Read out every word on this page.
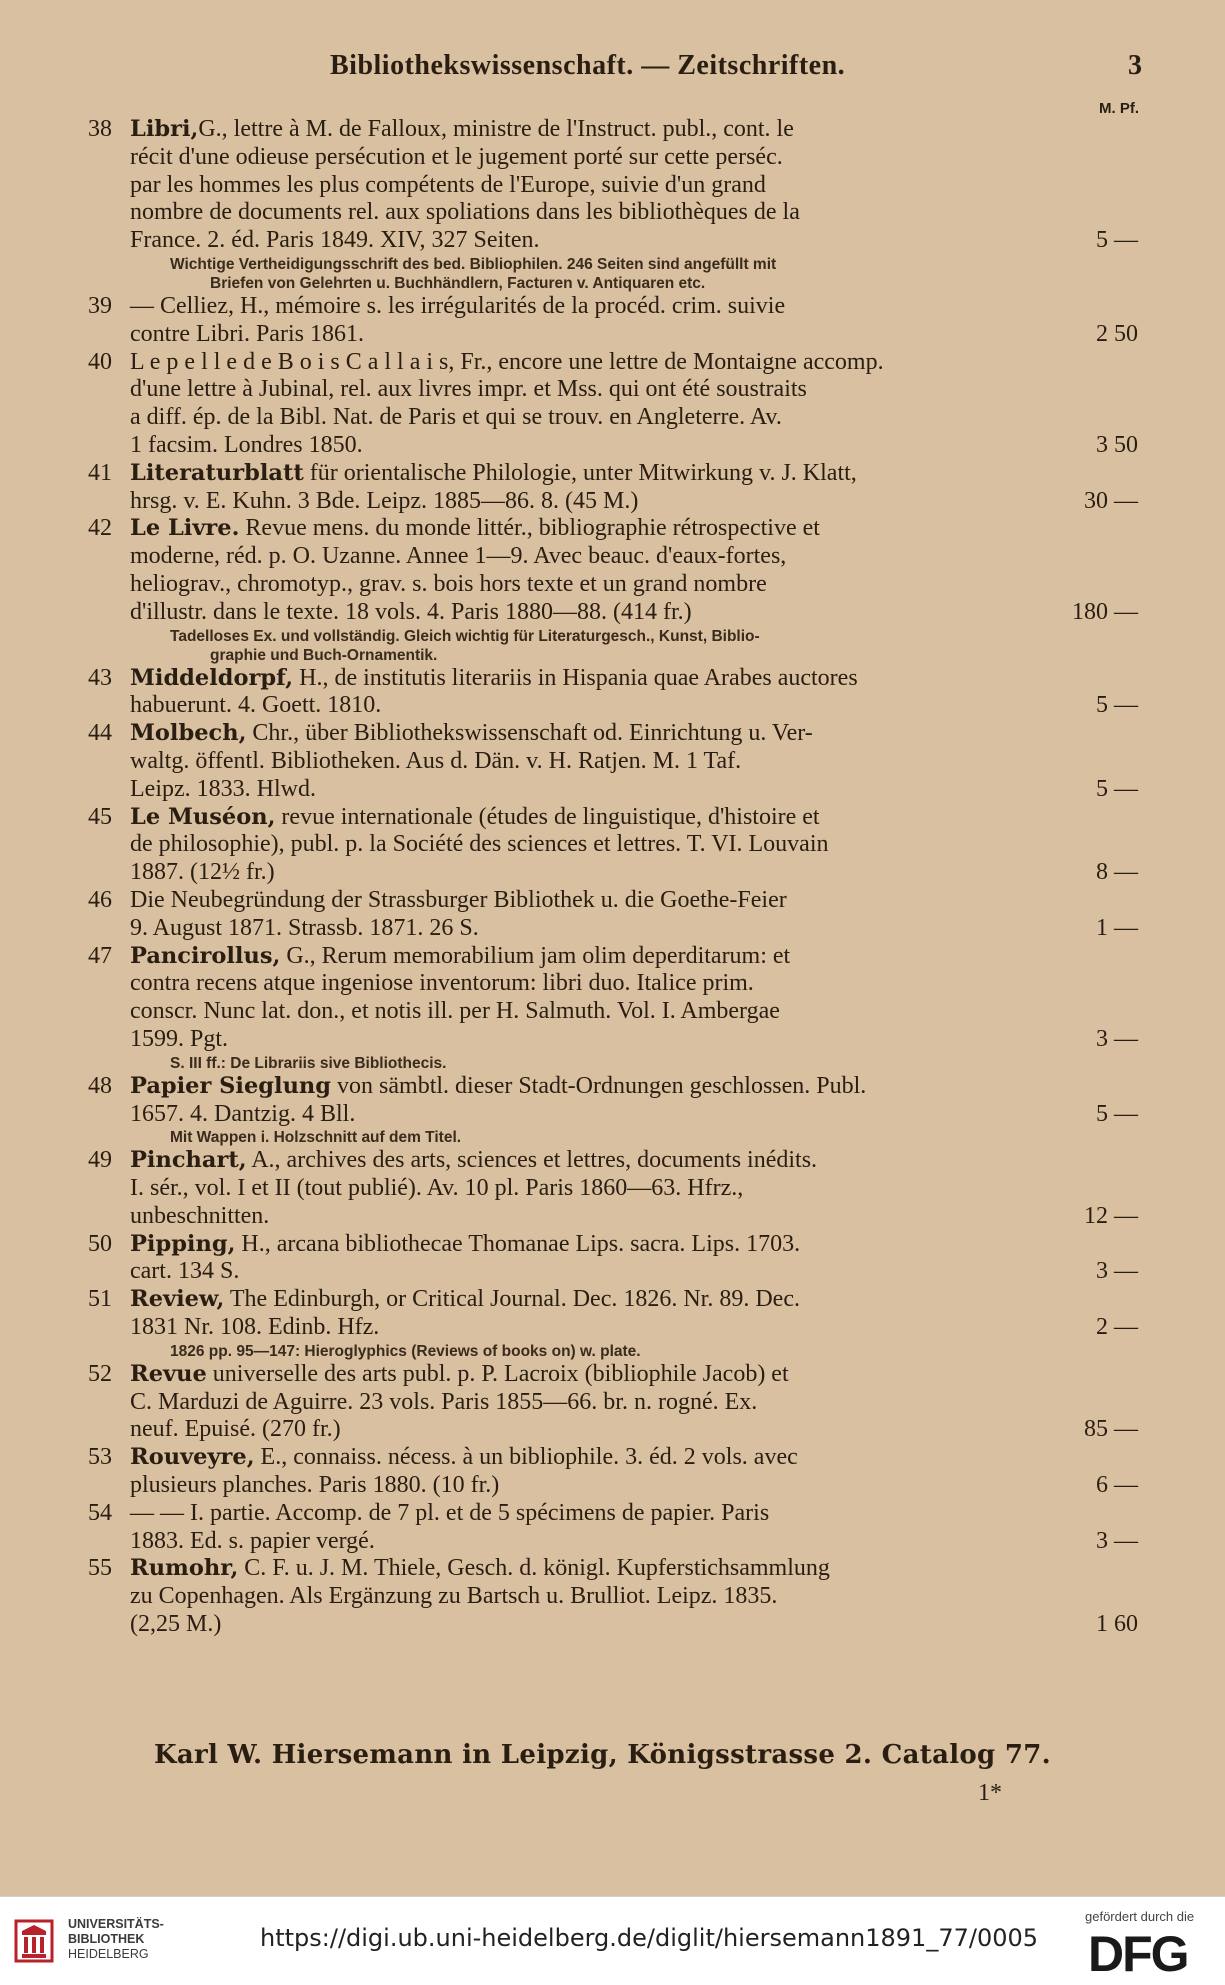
Bibliothekswissenschaft. — Zeitschriften.	3
M. Pf.
38 Libri,G., lettre à M. de Falloux, ministre de l'Instruct. publ., cont. le
récit d'une odieuse persécution et le jugement porté sur cette perséc.
par les hommes les plus compétents de l'Europe, suivie d'un grand
nombre de documents rel. aux spoliations dans les bibliothèques de la
France. 2. éd. Paris 1849. XIV, 327 Seiten.	5 —
Wichtige Vertheidigungsschrift des bed. Bibliophilen. 246 Seiten sind angefüllt mit
Briefen von Gelehrten u. Buchhändlern, Facturen v. Antiquaren etc.
39 — Celliez, H., mémoire s. les irrégularités de la procéd. crim. suivie
contre Libri. Paris 1861.	2 50
40 L e p e l l e d e B o i s C a l l a i s, Fr., encore une lettre de Montaigne accomp.
d'une lettre à Jubinal, rel. aux livres impr. et Mss. qui ont été soustraits
a diff. ép. de la Bibl. Nat. de Paris et qui se trouv. en Angleterre. Av.
1 facsim. Londres 1850.	3 50
41 Literaturblatt für orientalische Philologie, unter Mitwirkung v. J. Klatt,
hrsg. v. E. Kuhn. 3 Bde. Leipz. 1885—86. 8. (45 M.)	30 —
42 Le Livre. Revue mens. du monde littér., bibliographie rétrospective et
moderne, réd. p. O. Uzanne. Annee 1—9. Avec beauc. d'eaux-fortes,
heliograv., chromotyp., grav. s. bois hors texte et un grand nombre
d'illustr. dans le texte. 18 vols. 4. Paris 1880—88. (414 fr.)	180 —
Tadelloses Ex. und vollständig. Gleich wichtig für Literaturgesch., Kunst, Biblio-
graphie und Buch-Ornamentik.
43 Middeldorpf, H., de institutis literariis in Hispania quae Arabes auctores
habuerunt. 4. Goett. 1810.	5 —
44 Molbech, Chr., über Bibliothekswissenschaft od. Einrichtung u. Ver-
waltg. öffentl. Bibliotheken. Aus d. Dän. v. H. Ratjen. M. 1 Taf.
Leipz. 1833. Hlwd.	5 —
45 Le Muséon, revue internationale (études de linguistique, d'histoire et
de philosophie), publ. p. la Société des sciences et lettres. T. VI. Louvain
1887. (12½ fr.)	8 —
46 Die Neubegründung der Strassburger Bibliothek u. die Goethe-Feier
9. August 1871. Strassb. 1871. 26 S.	1 —
47 Pancirollus, G., Rerum memorabilium jam olim deperditarum: et
contra recens atque ingeniose inventorum: libri duo. Italice prim.
conscr. Nunc lat. don., et notis ill. per H. Salmuth. Vol. I. Ambergae
1599. Pgt.	3 —
S. III ff.: De Librariis sive Bibliothecis.
48 Papier Sieglung von sämbtl. dieser Stadt-Ordnungen geschlossen. Publ.
1657. 4. Dantzig. 4 Bll.	5 —
Mit Wappen i. Holzschnitt auf dem Titel.
49 Pinchart, A., archives des arts, sciences et lettres, documents inédits.
I. sér., vol. I et II (tout publié). Av. 10 pl. Paris 1860—63. Hfrz.,
unbeschnitten.	12 —
50 Pipping, H., arcana bibliothecae Thomanae Lips. sacra. Lips. 1703.
cart. 134 S.	3 —
51 Review, The Edinburgh, or Critical Journal. Dec. 1826. Nr. 89. Dec.
1831 Nr. 108. Edinb. Hfz.	2 —
1826 pp. 95—147: Hieroglyphics (Reviews of books on) w. plate.
52 Revue universelle des arts publ. p. P. Lacroix (bibliophile Jacob) et
C. Marduzi de Aguirre. 23 vols. Paris 1855—66. br. n. rogné. Ex.
neuf. Epuisé. (270 fr.)	85 —
53 Rouveyre, E., connaiss. nécess. à un bibliophile. 3. éd. 2 vols. avec
plusieurs planches. Paris 1880. (10 fr.)	6 —
54 — — I. partie. Accomp. de 7 pl. et de 5 spécimens de papier. Paris
1883. Ed. s. papier vergé.	3 —
55 Rumohr, C. F. u. J. M. Thiele, Gesch. d. königl. Kupferstichsammlung
zu Copenhagen. Als Ergänzung zu Bartsch u. Brulliot. Leipz. 1835.
(2,25 M.)	1 60
Karl W. Hiersemann in Leipzig, Königsstrasse 2. Catalog 77.
1*
UNIVERSITÄTS-
BIBLIOTHEK
HEIDELBERG
https://digi.ub.uni-heidelberg.de/diglit/hiersemann1891_77/0005
gefördert durch die
DFG
